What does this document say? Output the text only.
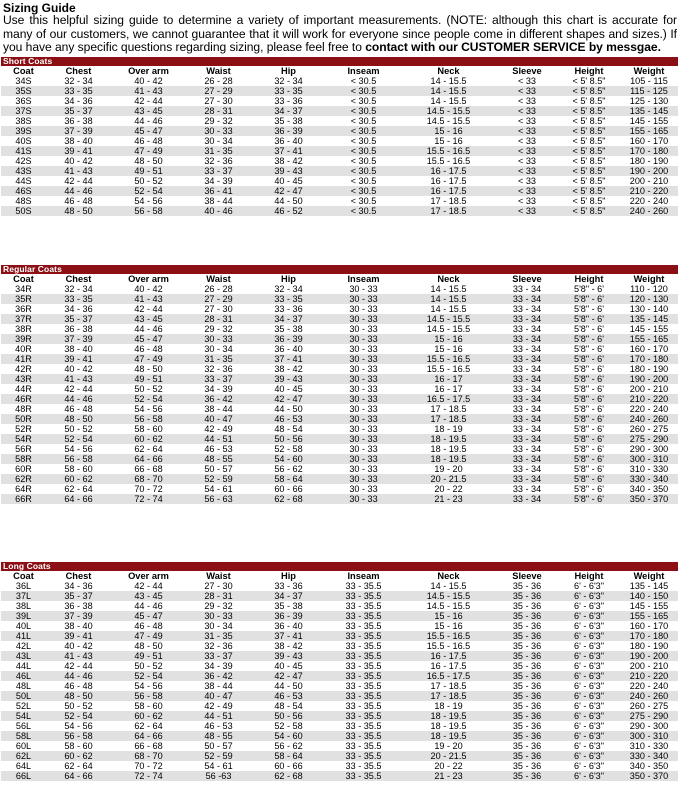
Sizing Guide
Use this helpful sizing guide to determine a variety of important measurements. (NOTE: although this chart is accurate for many of our customers, we cannot guarantee that it will work for everyone since people come in different shapes and sizes.) If you have any specific questions regarding sizing, please feel free to contact with our CUSTOMER SERVICE by messgae.
Short Coats
Coat	Chest	Over arm	Waist	Hip	Inseam	Neck	Sleeve	Height	Weight
34S	32 - 34	40 - 42	26 - 28	32 - 34	< 30.5	14 - 15.5	< 33	< 5' 8.5"	105 - 115
35S	33 - 35	41 - 43	27 - 29	33 - 35	< 30.5	14 - 15.5	< 33	< 5' 8.5"	115 - 125
36S	34 - 36	42 - 44	27 - 30	33 - 36	< 30.5	14 - 15.5	< 33	< 5' 8.5"	125 - 130
37S	35 - 37	43 - 45	28 - 31	34 - 37	< 30.5	14.5 - 15.5	< 33	< 5' 8.5"	135 - 145
38S	36 - 38	44 - 46	29 - 32	35 - 38	< 30.5	14.5 - 15.5	< 33	< 5' 8.5"	145 - 155
39S	37 - 39	45 - 47	30 - 33	36 - 39	< 30.5	15 - 16	< 33	< 5' 8.5"	155 - 165
40S	38 - 40	46 - 48	30 - 34	36 - 40	< 30.5	15 - 16	< 33	< 5' 8.5"	160 - 170
41S	39 - 41	47 - 49	31 - 35	37 - 41	< 30.5	15.5 - 16.5	< 33	< 5' 8.5"	170 - 180
42S	40 - 42	48 - 50	32 - 36	38 - 42	< 30.5	15.5 - 16.5	< 33	< 5' 8.5"	180 - 190
43S	41 - 43	49 - 51	33 - 37	39 - 43	< 30.5	16 - 17.5	< 33	< 5' 8.5"	190 - 200
44S	42 - 44	50 - 52	34 - 39	40 - 45	< 30.5	16 - 17.5	< 33	< 5' 8.5"	200 - 210
46S	44 - 46	52 - 54	36 - 41	42 - 47	< 30.5	16 - 17.5	< 33	< 5' 8.5"	210 - 220
48S	46 - 48	54 - 56	38 - 44	44 - 50	< 30.5	17 - 18.5	< 33	< 5' 8.5"	220 - 240
50S	48 - 50	56 - 58	40 - 46	46 - 52	< 30.5	17 - 18.5	< 33	< 5' 8.5"	240 - 260
Regular Coats
Coat	Chest	Over arm	Waist	Hip	Inseam	Neck	Sleeve	Height	Weight
34R	32 - 34	40 - 42	26 - 28	32 - 34	30 - 33	14 - 15.5	33 - 34	5'8" - 6'	110 - 120
35R	33 - 35	41 - 43	27 - 29	33 - 35	30 - 33	14 - 15.5	33 - 34	5'8" - 6'	120 - 130
36R	34 - 36	42 - 44	27 - 30	33 - 36	30 - 33	14 - 15.5	33 - 34	5'8" - 6'	130 - 140
37R	35 - 37	43 - 45	28 - 31	34 - 37	30 - 33	14.5 - 15.5	33 - 34	5'8" - 6'	135 - 145
38R	36 - 38	44 - 46	29 - 32	35 - 38	30 - 33	14.5 - 15.5	33 - 34	5'8" - 6'	145 - 155
39R	37 - 39	45 - 47	30 - 33	36 - 39	30 - 33	15 - 16	33 - 34	5'8" - 6'	155 - 165
40R	38 - 40	46 - 48	30 - 34	36 - 40	30 - 33	15 - 16	33 - 34	5'8" - 6'	160 - 170
41R	39 - 41	47 - 49	31 - 35	37 - 41	30 - 33	15.5 - 16.5	33 - 34	5'8" - 6'	170 - 180
42R	40 - 42	48 - 50	32 - 36	38 - 42	30 - 33	15.5 - 16.5	33 - 34	5'8" - 6'	180 - 190
43R	41 - 43	49 - 51	33 - 37	39 - 43	30 - 33	16 - 17	33 - 34	5'8" - 6'	190 - 200
44R	42 - 44	50 - 52	34 - 39	40 - 45	30 - 33	16 - 17	33 - 34	5'8" - 6'	200 - 210
46R	44 - 46	52 - 54	36 - 42	42 - 47	30 - 33	16.5 - 17.5	33 - 34	5'8" - 6'	210 - 220
48R	46 - 48	54 - 56	38 - 44	44 - 50	30 - 33	17 - 18.5	33 - 34	5'8" - 6'	220 - 240
50R	48 - 50	56 - 58	40 - 47	46 - 53	30 - 33	17 - 18.5	33 - 34	5'8" - 6'	240 - 260
52R	50 - 52	58 - 60	42 - 49	48 - 54	30 - 33	18 - 19	33 - 34	5'8" - 6'	260 - 275
54R	52 - 54	60 - 62	44 - 51	50 - 56	30 - 33	18 - 19.5	33 - 34	5'8" - 6'	275 - 290
56R	54 - 56	62 - 64	46 - 53	52 - 58	30 - 33	18 - 19.5	33 - 34	5'8" - 6'	290 - 300
58R	56 - 58	64 - 66	48 - 55	54 - 60	30 - 33	18 - 19.5	33 - 34	5'8" - 6'	300 - 310
60R	58 - 60	66 - 68	50 - 57	56 - 62	30 - 33	19 - 20	33 - 34	5'8" - 6'	310 - 330
62R	60 - 62	68 - 70	52 - 59	58 - 64	30 - 33	20 - 21.5	33 - 34	5'8" - 6'	330 - 340
64R	62 - 64	70 - 72	54 - 61	60 - 66	30 - 33	20 - 22	33 - 34	5'8" - 6'	340 - 350
66R	64 - 66	72 - 74	56 - 63	62 - 68	30 - 33	21 - 23	33 - 34	5'8" - 6'	350 - 370
Long Coats
Coat	Chest	Over arm	Waist	Hip	Inseam	Neck	Sleeve	Height	Weight
36L	34 - 36	42 - 44	27 - 30	33 - 36	33 - 35.5	14 - 15.5	35 - 36	6' - 6'3"	135 - 145
37L	35 - 37	43 - 45	28 - 31	34 - 37	33 - 35.5	14.5 - 15.5	35 - 36	6' - 6'3"	140 - 150
38L	36 - 38	44 - 46	29 - 32	35 - 38	33 - 35.5	14.5 - 15.5	35 - 36	6' - 6'3"	145 - 155
39L	37 - 39	45 - 47	30 - 33	36 - 39	33 - 35.5	15 - 16	35 - 36	6' - 6'3"	155 - 165
40L	38 - 40	46 - 48	30 - 34	36 - 40	33 - 35.5	15 - 16	35 - 36	6' - 6'3"	160 - 170
41L	39 - 41	47 - 49	31 - 35	37 - 41	33 - 35.5	15.5 - 16.5	35 - 36	6' - 6'3"	170 - 180
42L	40 - 42	48 - 50	32 - 36	38 - 42	33 - 35.5	15.5 - 16.5	35 - 36	6' - 6'3"	180 - 190
43L	41 - 43	49 - 51	33 - 37	39 - 43	33 - 35.5	16 - 17.5	35 - 36	6' - 6'3"	190 - 200
44L	42 - 44	50 - 52	34 - 39	40 - 45	33 - 35.5	16 - 17.5	35 - 36	6' - 6'3"	200 - 210
46L	44 - 46	52 - 54	36 - 42	42 - 47	33 - 35.5	16.5 - 17.5	35 - 36	6' - 6'3"	210 - 220
48L	46 - 48	54 - 56	38 - 44	44 - 50	33 - 35.5	17 - 18.5	35 - 36	6' - 6'3"	220 - 240
50L	48 - 50	56 - 58	40 - 47	46 - 53	33 - 35.5	17 - 18.5	35 - 36	6' - 6'3"	240 - 260
52L	50 - 52	58 - 60	42 - 49	48 - 54	33 - 35.5	18 - 19	35 - 36	6' - 6'3"	260 - 275
54L	52 - 54	60 - 62	44 - 51	50 - 56	33 - 35.5	18 - 19.5	35 - 36	6' - 6'3"	275 - 290
56L	54 - 56	62 - 64	46 - 53	52 - 58	33 - 35.5	18 - 19.5	35 - 36	6' - 6'3"	290 - 300
58L	56 - 58	64 - 66	48 - 55	54 - 60	33 - 35.5	18 - 19.5	35 - 36	6' - 6'3"	300 - 310
60L	58 - 60	66 - 68	50 - 57	56 - 62	33 - 35.5	19 - 20	35 - 36	6' - 6'3"	310 - 330
62L	60 - 62	68 - 70	52 - 59	58 - 64	33 - 35.5	20 - 21.5	35 - 36	6' - 6'3"	330 - 340
64L	62 - 64	70 - 72	54 - 61	60 - 66	33 - 35.5	20 - 22	35 - 36	6' - 6'3"	340 - 350
66L	64 - 66	72 - 74	56 -63	62 - 68	33 - 35.5	21 - 23	35 - 36	6' - 6'3"	350 - 370
